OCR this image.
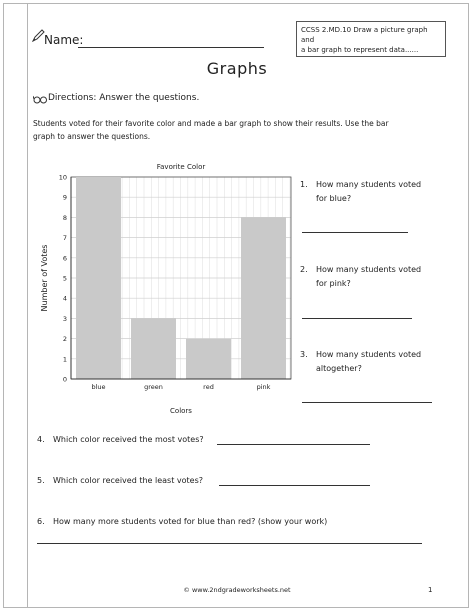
Name:
CCSS 2.MD.10 Draw a picture graph and
a bar graph to represent data......
Graphs
Directions: Answer the questions.
Students voted for their favorite color and made a bar graph to show their results. Use the bar
graph to answer the questions.
0
1
2
3
4
5
6
7
8
9
10
blue	green	red	pink
Favorite Color
Colors
Number of Votes
1. How many students voted
for blue?
2. How many students voted
for pink?
3. How many students voted
altogether?
4. Which color received the most votes?
5. Which color received the least votes?
6. How many more students voted for blue than red? (show your work)
© www.2ndgradeworksheets.net	1
